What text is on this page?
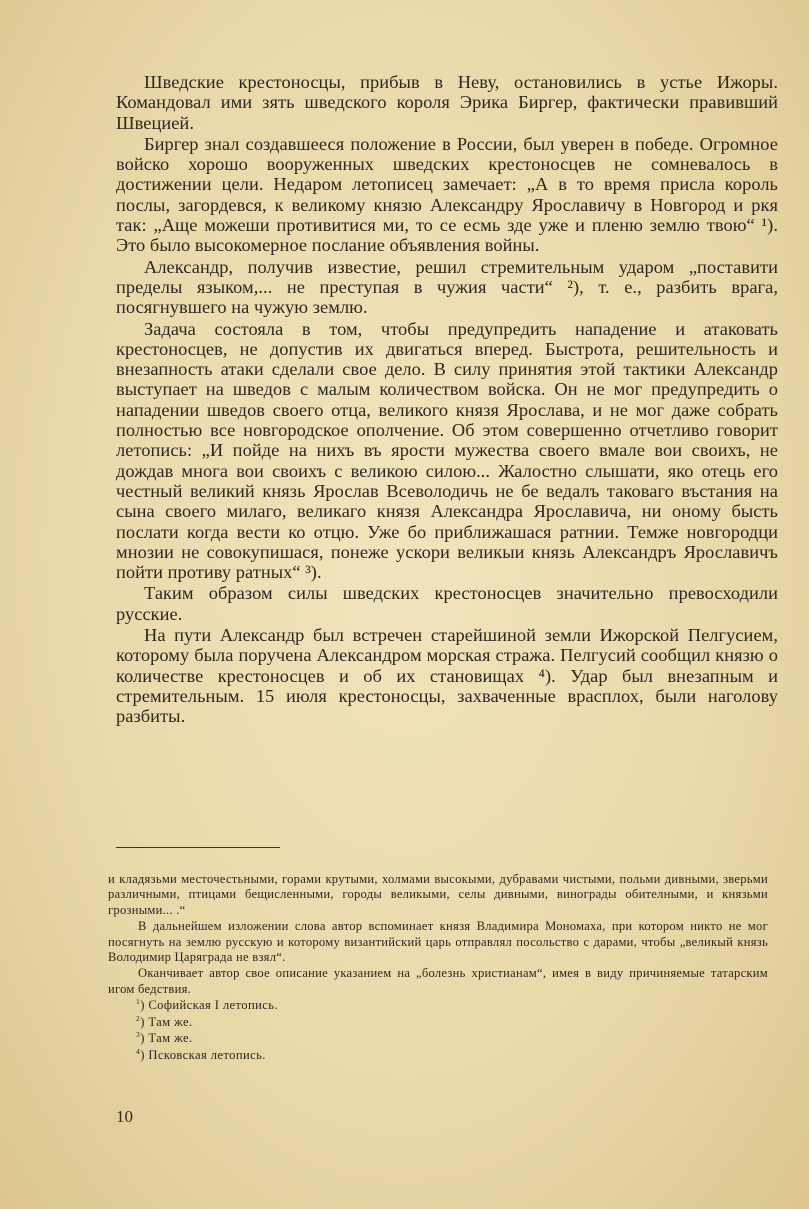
Шведские крестоносцы, прибыв в Неву, остановились в устье Ижоры. Командовал ими зять шведского короля Эрика Биргер, фактически правивший Швецией.

Биргер знал создавшееся положение в России, был уверен в победе. Огромное войско хорошо вооруженных шведских крестоносцев не сомневалось в достижении цели. Недаром летописец замечает: „А в то время присла король послы, загордевся, к великому князю Александру Ярославичу в Новгород и ркя так: „Аще можеши противитися ми, то се есмь зде уже и пленю землю твою“ ¹). Это было высокомерное послание объявления войны.

Александр, получив известие, решил стремительным ударом „поставити пределы языком,... не преступая в чужия части“ ²), т. е., разбить врага, посягнувшего на чужую землю.

Задача состояла в том, чтобы предупредить нападение и атаковать крестоносцев, не допустив их двигаться вперед. Быстрота, решительность и внезапность атаки сделали свое дело. В силу принятия этой тактики Александр выступает на шведов с малым количеством войска. Он не мог предупредить о нападении шведов своего отца, великого князя Ярослава, и не мог даже собрать полностью все новгородское ополчение. Об этом совершенно отчетливо говорит летопись: „И пойде на нихъ въ ярости мужества своего вмале вои своихъ, не дождав многа вои своихъ с великою силою... Жалостно слышати, яко отець его честный великий князь Ярослав Всеволодичь не бе ведалъ таковаго въстания на сына своего милаго, великаго князя Александра Ярославича, ни оному бысть послати когда вести ко отцю. Уже бо приближашася ратнии. Темже новгородци мнозии не совокупишася, понеже ускори великыи князь Александръ Ярославичъ пойти противу ратных“ ³).

Таким образом силы шведских крестоносцев значительно превосходили русские.

На пути Александр был встречен старейшиной земли Ижорской Пелгусием, которому была поручена Александром морская стража. Пелгусий сообщил князю о количестве крестоносцев и об их становищах ⁴). Удар был внезапным и стремительным. 15 июля крестоносцы, захваченные врасплох, были наголову разбиты.

и кладязьми месточестьными, горами крутыми, холмами высокыми, дубравами чистыми, польми дивными, зверьми различными, птицами бещисленными, городы великыми, селы дивными, винограды обителными, и князьми грозными... .“

В дальнейшем изложении слова автор вспоминает князя Владимира Мономаха, при котором никто не мог посягнуть на землю русскую и которому византийский царь отправлял посольство с дарами, чтобы „великый князь Володимир Царяграда не взял“.

Оканчивает автор свое описание указанием на „болезнь христианам“, имея в виду причиняемые татарским игом бедствия.

$^1$) Софийская I летопись.

$^2$) Там же.

$^3$) Там же.

$^4$) Псковская летопись.

10
